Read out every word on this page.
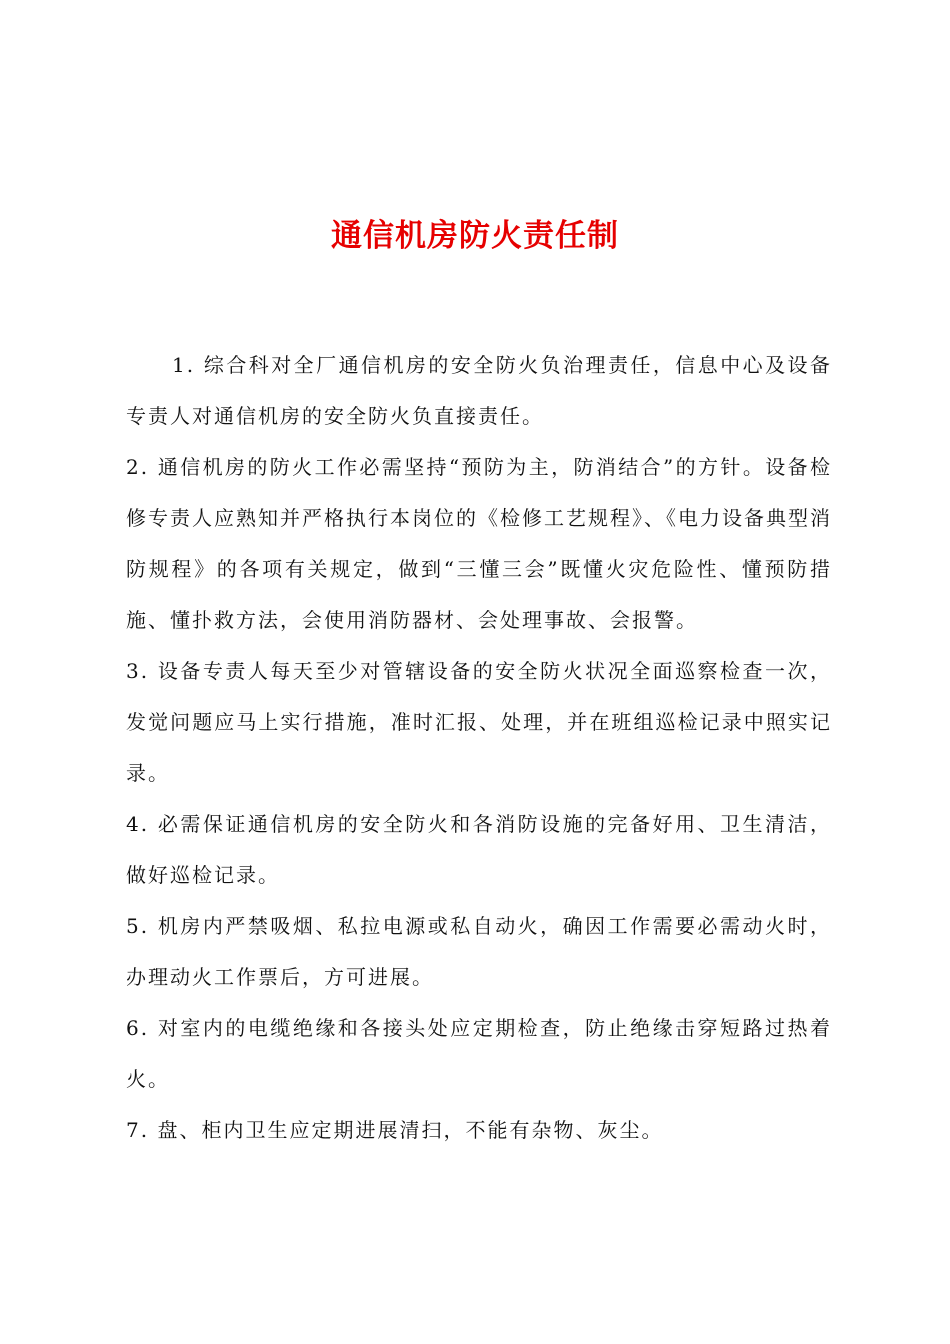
通信机房防火责任制

1. 综合科对全厂通信机房的安全防火负治理责任，信息中心及设备专责人对通信机房的安全防火负直接责任。

2. 通信机房的防火工作必需坚持“预防为主，防消结合”的方针。设备检修专责人应熟知并严格执行本岗位的《检修工艺规程》、《电力设备典型消防规程》的各项有关规定，做到“三懂三会”既懂火灾危险性、懂预防措施、懂扑救方法，会使用消防器材、会处理事故、会报警。

3. 设备专责人每天至少对管辖设备的安全防火状况全面巡察检查一次，发觉问题应马上实行措施，准时汇报、处理，并在班组巡检记录中照实记录。

4. 必需保证通信机房的安全防火和各消防设施的完备好用、卫生清洁，做好巡检记录。

5. 机房内严禁吸烟、私拉电源或私自动火，确因工作需要必需动火时，办理动火工作票后，方可进展。

6. 对室内的电缆绝缘和各接头处应定期检查，防止绝缘击穿短路过热着火。

7. 盘、柜内卫生应定期进展清扫，不能有杂物、灰尘。
